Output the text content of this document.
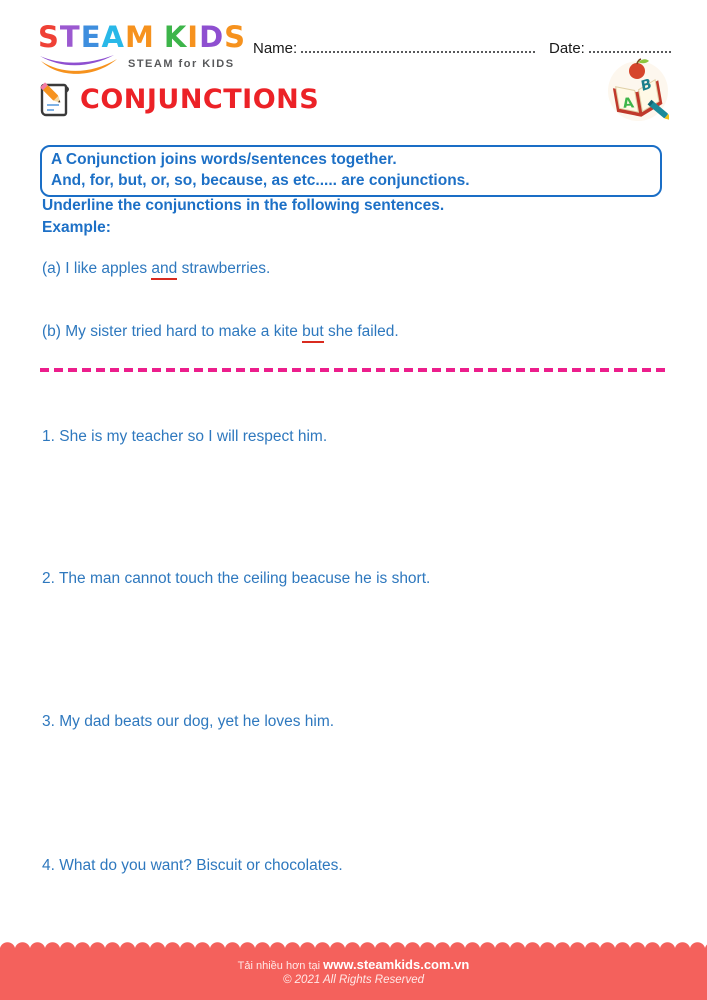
STEAM KIDS
STEAM for KIDS
Name:	Date:
A
B
CONJUNCTIONS
A Conjunction joins words/sentences together.
And, for, but, or, so, because, as etc..... are conjunctions.
Underline the conjunctions in the following sentences.
Example:
(a) I like apples and strawberries.
(b) My sister tried hard to make a kite but she failed.
1. She is my teacher so I will respect him.
2. The man cannot touch the ceiling beacuse he is short.
3. My dad beats our dog, yet he loves him.
4. What do you want? Biscuit or chocolates.
Tải nhiều hơn tại www.steamkids.com.vn
© 2021 All Rights Reserved
